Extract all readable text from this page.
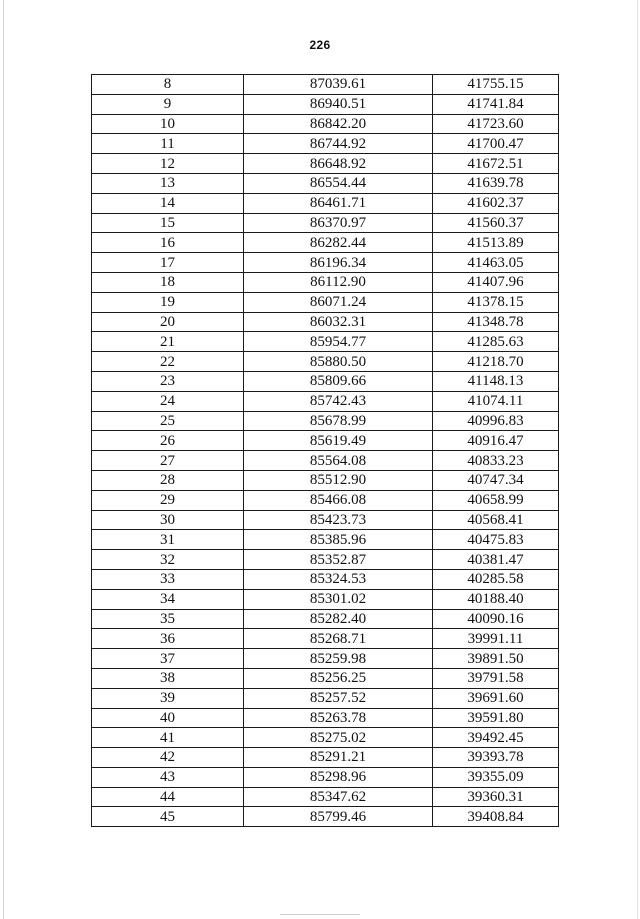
226
8	87039.61	41755.15
9	86940.51	41741.84
10	86842.20	41723.60
11	86744.92	41700.47
12	86648.92	41672.51
13	86554.44	41639.78
14	86461.71	41602.37
15	86370.97	41560.37
16	86282.44	41513.89
17	86196.34	41463.05
18	86112.90	41407.96
19	86071.24	41378.15
20	86032.31	41348.78
21	85954.77	41285.63
22	85880.50	41218.70
23	85809.66	41148.13
24	85742.43	41074.11
25	85678.99	40996.83
26	85619.49	40916.47
27	85564.08	40833.23
28	85512.90	40747.34
29	85466.08	40658.99
30	85423.73	40568.41
31	85385.96	40475.83
32	85352.87	40381.47
33	85324.53	40285.58
34	85301.02	40188.40
35	85282.40	40090.16
36	85268.71	39991.11
37	85259.98	39891.50
38	85256.25	39791.58
39	85257.52	39691.60
40	85263.78	39591.80
41	85275.02	39492.45
42	85291.21	39393.78
43	85298.96	39355.09
44	85347.62	39360.31
45	85799.46	39408.84
